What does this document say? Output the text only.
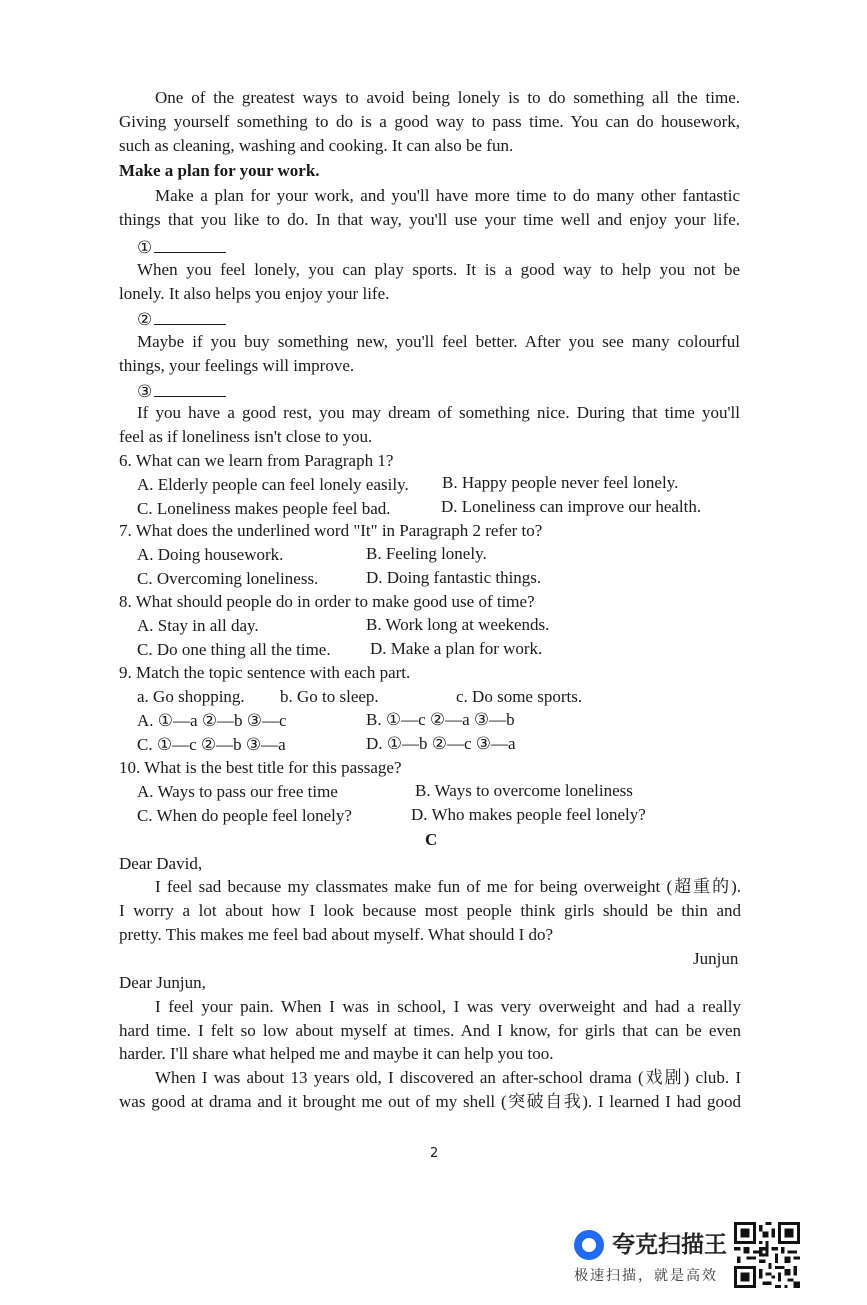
One of the greatest ways to avoid being lonely is to do something all the time.
Giving yourself something to do is a good way to pass time. You can do housework,
such as cleaning, washing and cooking. It can also be fun.
Make a plan for your work.
Make a plan for your work, and you'll have more time to do many other fantastic
things that you like to do. In that way, you'll use your time well and enjoy your life.
①
When you feel lonely, you can play sports. It is a good way to help you not be
lonely. It also helps you enjoy your life.
②
Maybe if you buy something new, you'll feel better. After you see many colourful
things, your feelings will improve.
③
If you have a good rest, you may dream of something nice. During that time you'll
feel as if loneliness isn't close to you.
6. What can we learn from Paragraph 1?
A. Elderly people can feel lonely easily. B. Happy people never feel lonely.
C. Loneliness makes people feel bad.	D. Loneliness can improve our health.
7. What does the underlined word "It" in Paragraph 2 refer to?
A. Doing housework.	B. Feeling lonely.
C. Overcoming loneliness.	D. Doing fantastic things.
8. What should people do in order to make good use of time?
A. Stay in all day.	B. Work long at weekends.
C. Do one thing all the time. D. Make a plan for work.
9. Match the topic sentence with each part.
a. Go shopping. b. Go to sleep.	c. Do some sports.
A. ①—a ②—b ③—c	B. ①—c ②—a ③—b
C. ①—c ②—b ③—a	D. ①—b ②—c ③—a
10. What is the best title for this passage?
A. Ways to pass our free time	B. Ways to overcome loneliness
C. When do people feel lonely?	D. Who makes people feel lonely?
C
Dear David,
I feel sad because my classmates make fun of me for being overweight (超重的).
I worry a lot about how I look because most people think girls should be thin and
pretty. This makes me feel bad about myself. What should I do?
Junjun
Dear Junjun,
I feel your pain. When I was in school, I was very overweight and had a really
hard time. I felt so low about myself at times. And I know, for girls that can be even
harder. I'll share what helped me and maybe it can help you too.
When I was about 13 years old, I discovered an after-school drama (戏剧) club. I
was good at drama and it brought me out of my shell (突破自我). I learned I had good
2
夸克扫描王
极速扫描，就是高效
